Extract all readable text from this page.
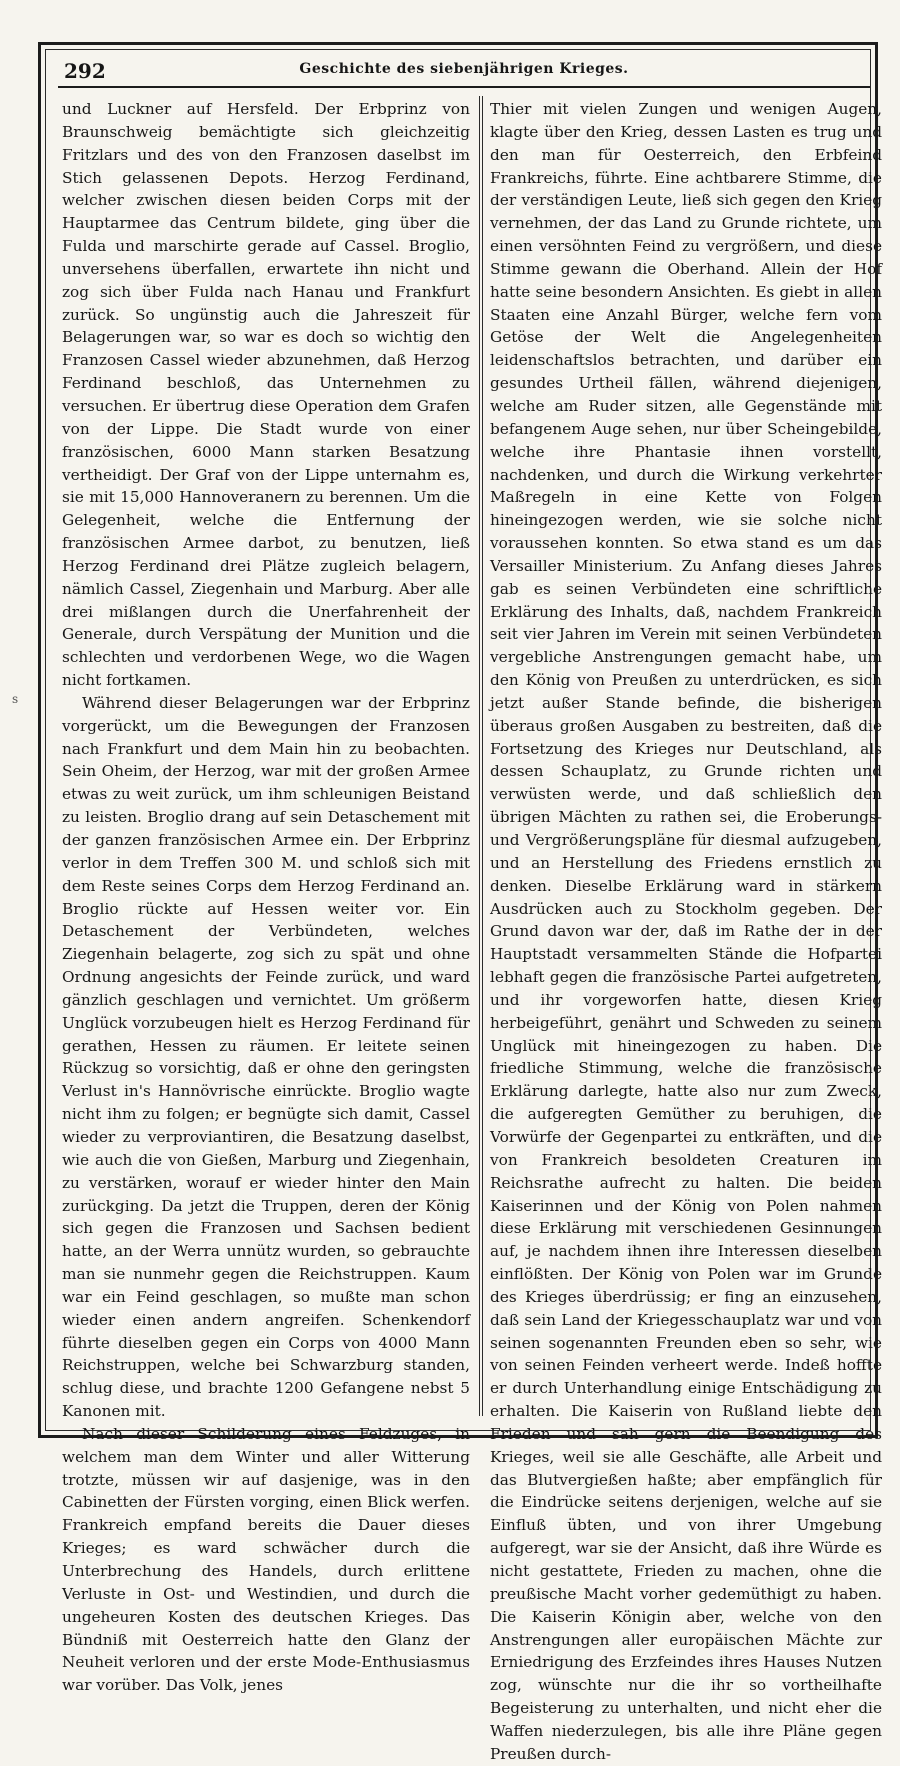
292	Geschichte des siebenjährigen Krieges.
s

und Luckner auf Hersfeld. Der Erbprinz von Braunschweig bemächtigte sich gleichzeitig Fritzlars und des von den Franzosen daselbst im Stich gelassenen Depots. Herzog Ferdinand, welcher zwischen diesen beiden Corps mit der Hauptarmee das Centrum bildete, ging über die Fulda und marschirte gerade auf Cassel. Broglio, unversehens überfallen, erwartete ihn nicht und zog sich über Fulda nach Hanau und Frankfurt zurück. So ungünstig auch die Jahreszeit für Belagerungen war, so war es doch so wichtig den Franzosen Cassel wieder abzunehmen, daß Herzog Ferdinand beschloß, das Unternehmen zu versuchen. Er übertrug diese Operation dem Grafen von der Lippe. Die Stadt wurde von einer französischen, 6000 Mann starken Besatzung vertheidigt. Der Graf von der Lippe unternahm es, sie mit 15,000 Hannoveranern zu berennen. Um die Gelegenheit, welche die Entfernung der französischen Armee darbot, zu benutzen, ließ Herzog Ferdinand drei Plätze zugleich belagern, nämlich Cassel, Ziegenhain und Marburg. Aber alle drei mißlangen durch die Unerfahrenheit der Generale, durch Verspätung der Munition und die schlechten und verdorbenen Wege, wo die Wagen nicht fortkamen.

Während dieser Belagerungen war der Erbprinz vorgerückt, um die Bewegungen der Franzosen nach Frankfurt und dem Main hin zu beobachten. Sein Oheim, der Herzog, war mit der großen Armee etwas zu weit zurück, um ihm schleunigen Beistand zu leisten. Broglio drang auf sein Detaschement mit der ganzen französischen Armee ein. Der Erbprinz verlor in dem Treffen 300 M. und schloß sich mit dem Reste seines Corps dem Herzog Ferdinand an. Broglio rückte auf Hessen weiter vor. Ein Detaschement der Verbündeten, welches Ziegenhain belagerte, zog sich zu spät und ohne Ordnung angesichts der Feinde zurück, und ward gänzlich geschlagen und vernichtet. Um größerm Unglück vorzubeugen hielt es Herzog Ferdinand für gerathen, Hessen zu räumen. Er leitete seinen Rückzug so vorsichtig, daß er ohne den geringsten Verlust in's Hannövrische einrückte. Broglio wagte nicht ihm zu folgen; er begnügte sich damit, Cassel wieder zu verproviantiren, die Besatzung daselbst, wie auch die von Gießen, Marburg und Ziegenhain, zu verstärken, worauf er wieder hinter den Main zurückging. Da jetzt die Truppen, deren der König sich gegen die Franzosen und Sachsen bedient hatte, an der Werra unnütz wurden, so gebrauchte man sie nunmehr gegen die Reichstruppen. Kaum war ein Feind geschlagen, so mußte man schon wieder einen andern angreifen. Schenkendorf führte dieselben gegen ein Corps von 4000 Mann Reichstruppen, welche bei Schwarzburg standen, schlug diese, und brachte 1200 Gefangene nebst 5 Kanonen mit.

Nach dieser Schilderung eines Feldzuges, in welchem man dem Winter und aller Witterung trotzte, müssen wir auf dasjenige, was in den Cabinetten der Fürsten vorging, einen Blick werfen. Frankreich empfand bereits die Dauer dieses Krieges; es ward schwächer durch die Unterbrechung des Handels, durch erlittene Verluste in Ost- und Westindien, und durch die ungeheuren Kosten des deutschen Krieges. Das Bündniß mit Oesterreich hatte den Glanz der Neuheit verloren und der erste Mode-Enthusiasmus war vorüber. Das Volk, jenes

Thier mit vielen Zungen und wenigen Augen, klagte über den Krieg, dessen Lasten es trug und den man für Oesterreich, den Erbfeind Frankreichs, führte. Eine achtbarere Stimme, die der verständigen Leute, ließ sich gegen den Krieg vernehmen, der das Land zu Grunde richtete, um einen versöhnten Feind zu vergrößern, und diese Stimme gewann die Oberhand. Allein der Hof hatte seine besondern Ansichten. Es giebt in allen Staaten eine Anzahl Bürger, welche fern vom Getöse der Welt die Angelegenheiten leidenschaftslos betrachten, und darüber ein gesundes Urtheil fällen, während diejenigen, welche am Ruder sitzen, alle Gegenstände mit befangenem Auge sehen, nur über Scheingebilde, welche ihre Phantasie ihnen vorstellt, nachdenken, und durch die Wirkung verkehrter Maßregeln in eine Kette von Folgen hineingezogen werden, wie sie solche nicht voraussehen konnten. So etwa stand es um das Versailler Ministerium. Zu Anfang dieses Jahres gab es seinen Verbündeten eine schriftliche Erklärung des Inhalts, daß, nachdem Frankreich seit vier Jahren im Verein mit seinen Verbündeten vergebliche Anstrengungen gemacht habe, um den König von Preußen zu unterdrücken, es sich jetzt außer Stande befinde, die bisherigen überaus großen Ausgaben zu bestreiten, daß die Fortsetzung des Krieges nur Deutschland, als dessen Schauplatz, zu Grunde richten und verwüsten werde, und daß schließlich den übrigen Mächten zu rathen sei, die Eroberungs- und Vergrößerungspläne für diesmal aufzugeben, und an Herstellung des Friedens ernstlich zu denken. Dieselbe Erklärung ward in stärkern Ausdrücken auch zu Stockholm gegeben. Der Grund davon war der, daß im Rathe der in der Hauptstadt versammelten Stände die Hofpartei lebhaft gegen die französische Partei aufgetreten, und ihr vorgeworfen hatte, diesen Krieg herbeigeführt, genährt und Schweden zu seinem Unglück mit hineingezogen zu haben. Die friedliche Stimmung, welche die französische Erklärung darlegte, hatte also nur zum Zweck, die aufgeregten Gemüther zu beruhigen, die Vorwürfe der Gegenpartei zu entkräften, und die von Frankreich besoldeten Creaturen im Reichsrathe aufrecht zu halten. Die beiden Kaiserinnen und der König von Polen nahmen diese Erklärung mit verschiedenen Gesinnungen auf, je nachdem ihnen ihre Interessen dieselben einflößten. Der König von Polen war im Grunde des Krieges überdrüssig; er fing an einzusehen, daß sein Land der Kriegesschauplatz war und von seinen sogenannten Freunden eben so sehr, wie von seinen Feinden verheert werde. Indeß hoffte er durch Unterhandlung einige Entschädigung zu erhalten. Die Kaiserin von Rußland liebte den Frieden und sah gern die Beendigung des Krieges, weil sie alle Geschäfte, alle Arbeit und das Blutvergießen haßte; aber empfänglich für die Eindrücke seitens derjenigen, welche auf sie Einfluß übten, und von ihrer Umgebung aufgeregt, war sie der Ansicht, daß ihre Würde es nicht gestattete, Frieden zu machen, ohne die preußische Macht vorher gedemüthigt zu haben. Die Kaiserin Königin aber, welche von den Anstrengungen aller europäischen Mächte zur Erniedrigung des Erzfeindes ihres Hauses Nutzen zog, wünschte nur die ihr so vortheilhafte Begeisterung zu unterhalten, und nicht eher die Waffen niederzulegen, bis alle ihre Pläne gegen Preußen durch-
